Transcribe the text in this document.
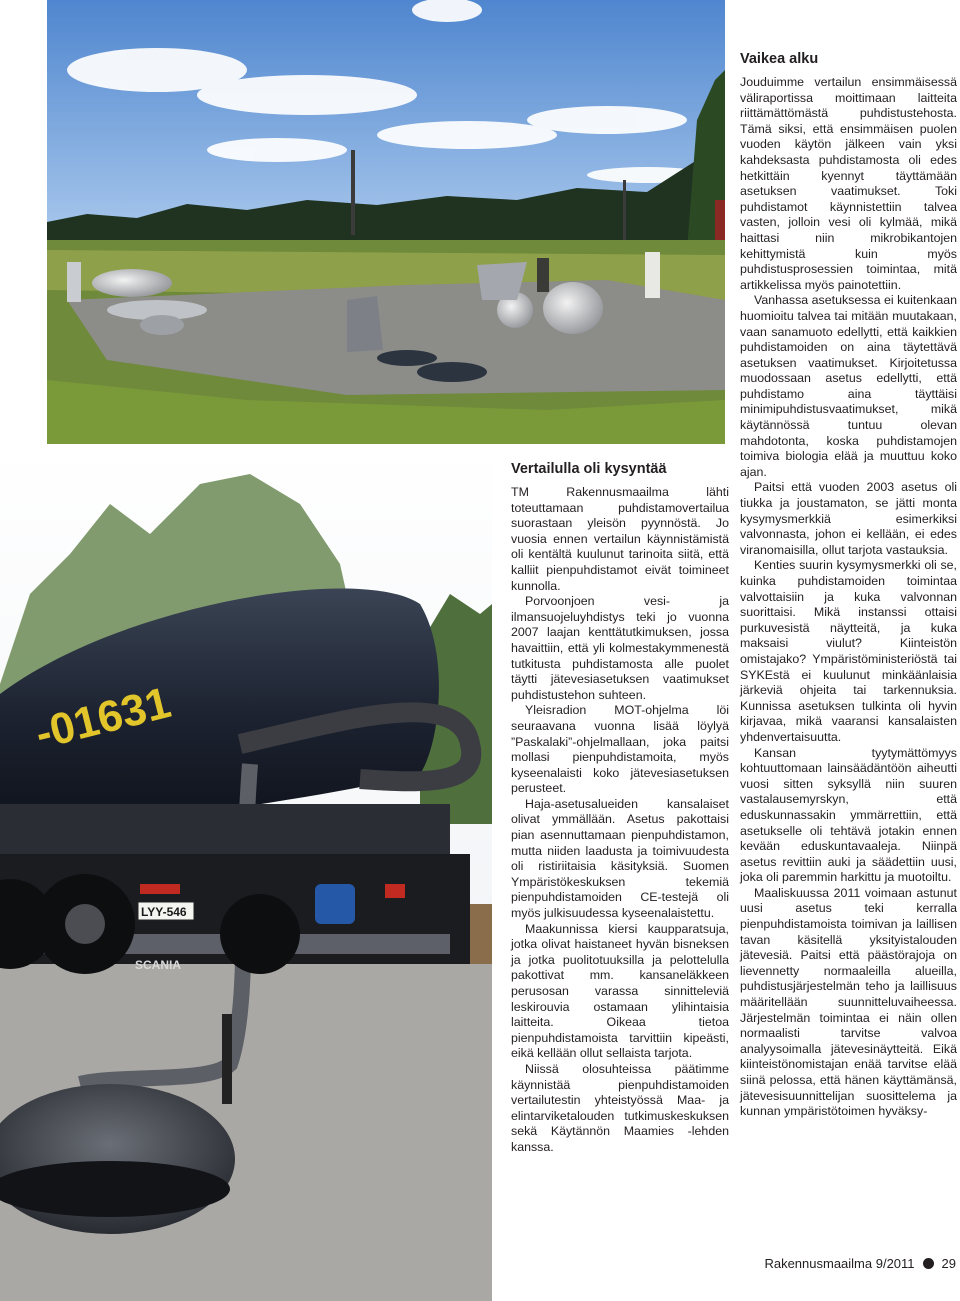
-01631
LYY-546
SCANIA
Vertailulla oli kysyntää

TM Rakennusmaailma lähti toteuttamaan puhdistamovertailua suorastaan yleisön pyynnöstä. Jo vuosia ennen vertailun käynnistämistä oli kentältä kuulunut tarinoita siitä, että kalliit pienpuhdistamot eivät toimineet kunnolla.

Porvoonjoen vesi- ja ilmansuojeluyhdistys teki jo vuonna 2007 laajan kenttätutkimuksen, jossa havaittiin, että yli kolmestakymmenestä tutkitusta puhdistamosta alle puolet täytti jätevesiasetuksen vaatimukset puhdistustehon suhteen.

Yleisradion MOT-ohjelma löi seuraavana vuonna lisää löylyä ”Paskalaki”-ohjelmallaan, joka paitsi mollasi pienpuhdistamoita, myös kyseenalaisti koko jätevesiasetuksen perusteet.

Haja-asetusalueiden kansalaiset olivat ymmällään. Asetus pakottaisi pian asennuttamaan pienpuhdistamon, mutta niiden laadusta ja toimivuudesta oli ristiriitaisia käsityksiä. Suomen Ympäristökeskuksen tekemiä pienpuhdistamoiden CE-testejä oli myös julkisuudessa kyseenalaistettu.

Maakunnissa kiersi kaupparatsuja, jotka olivat haistaneet hyvän bisneksen ja jotka puolitotuuksilla ja pelottelulla pakottivat mm. kansaneläkkeen perusosan varassa sinnitteleviä leskirouvia ostamaan ylihintaisia laitteita. Oikeaa tietoa pienpuhdistamoista tarvittiin kipeästi, eikä kellään ollut sellaista tarjota.

Niissä olosuhteissa päätimme käynnistää pienpuhdistamoiden vertailutestin yhteistyössä Maa- ja elintarviketalouden tutkimuskeskuksen sekä Käytännön Maamies -lehden kanssa.

Vaikea alku

Jouduimme vertailun ensimmäisessä väliraportissa moittimaan laitteita riittämättömästä puhdistustehosta. Tämä siksi, että ensimmäisen puolen vuoden käytön jälkeen vain yksi kahdeksasta puhdistamosta oli edes hetkittäin kyennyt täyttämään asetuksen vaatimukset. Toki puhdistamot käynnistettiin talvea vasten, jolloin vesi oli kylmää, mikä haittasi niin mikrobikantojen kehittymistä kuin myös puhdistusprosessien toimintaa, mitä artikkelissa myös painotettiin.

Vanhassa asetuksessa ei kuitenkaan huomioitu talvea tai mitään muutakaan, vaan sanamuoto edellytti, että kaikkien puhdistamoiden on aina täytettävä asetuksen vaatimukset. Kirjoitetussa muodossaan asetus edellytti, että puhdistamo aina täyttäisi minimipuhdistusvaatimukset, mikä käytännössä tuntuu olevan mahdotonta, koska puhdistamojen toimiva biologia elää ja muuttuu koko ajan.

Paitsi että vuoden 2003 asetus oli tiukka ja joustamaton, se jätti monta kysymysmerkkiä esimerkiksi valvonnasta, johon ei kellään, ei edes viranomaisilla, ollut tarjota vastauksia.

Kenties suurin kysymysmerkki oli se, kuinka puhdistamoiden toimintaa valvottaisiin ja kuka valvonnan suorittaisi. Mikä instanssi ottaisi purkuvesistä näytteitä, ja kuka maksaisi viulut? Kiinteistön omistajako? Ympäristöministeriöstä tai SYKEstä ei kuulunut minkäänlaisia järkeviä ohjeita tai tarkennuksia. Kunnissa asetuksen tulkinta oli hyvin kirjavaa, mikä vaaransi kansalaisten yhdenvertaisuutta.

Kansan tyytymättömyys kohtuuttomaan lainsäädäntöön aiheutti vuosi sitten syksyllä niin suuren vastalausemyrskyn, että eduskunnassakin ymmärrettiin, että asetukselle oli tehtävä jotakin ennen kevään eduskuntavaaleja. Niinpä asetus revittiin auki ja säädettiin uusi, joka oli paremmin harkittu ja muotoiltu.

Maaliskuussa 2011 voimaan astunut uusi asetus teki kerralla pienpuhdistamoista toimivan ja laillisen tavan käsitellä yksityistalouden jätevesiä. Paitsi että päästörajoja on lievennetty normaaleilla alueilla, puhdistusjärjestelmän teho ja laillisuus määritellään suunnitteluvaiheessa. Järjestelmän toimintaa ei näin ollen normaalisti tarvitse valvoa analyysoimalla jätevesinäytteitä. Eikä kiinteistönomistajan enää tarvitse elää siinä pelossa, että hänen käyttämänsä, jätevesisuunnittelijan suosittelema ja kunnan ympäristötoimen hyväksy-

Rakennusmaailma 9/2011 29
